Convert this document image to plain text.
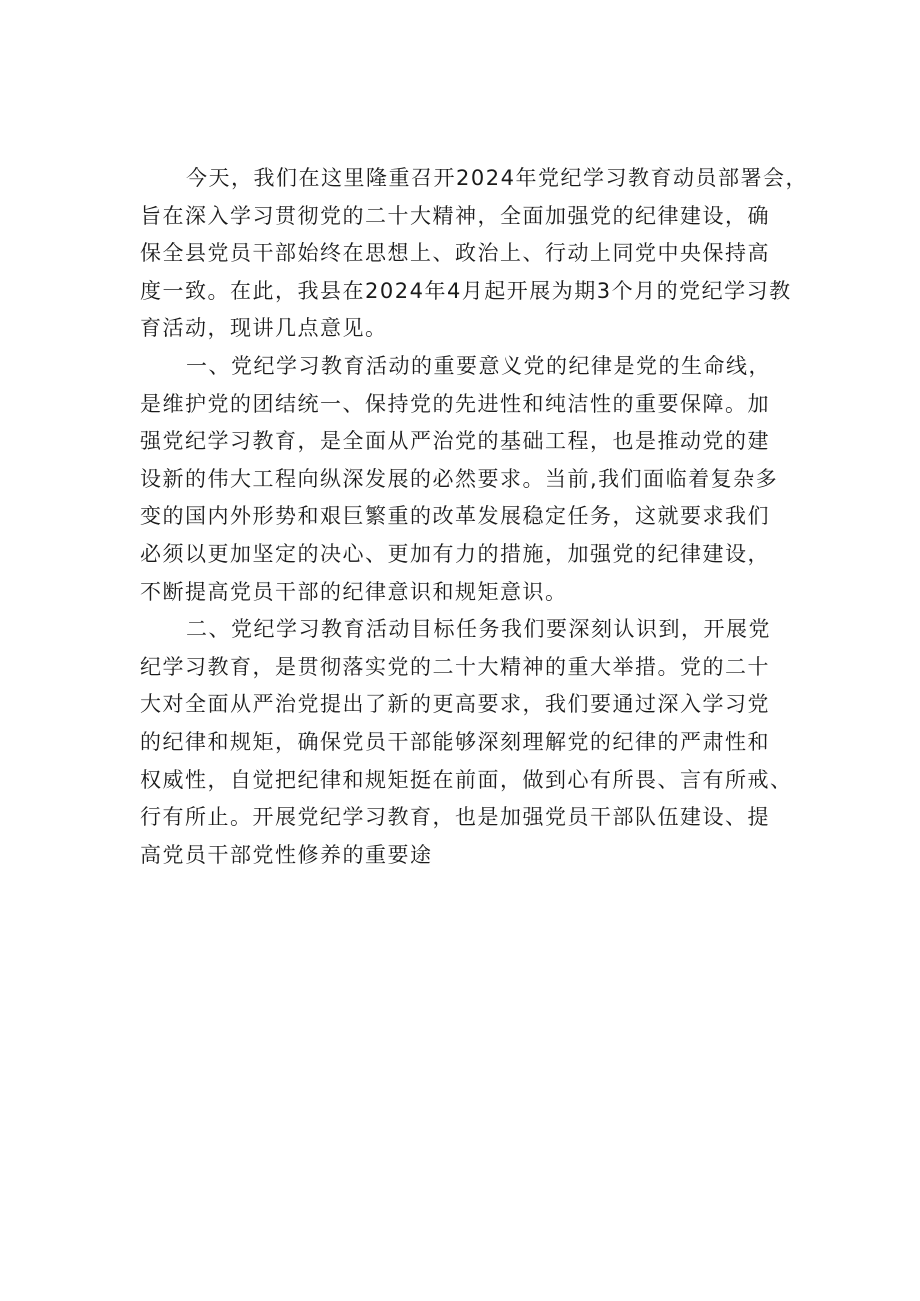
今天，我们在这里隆重召开2024年党纪学习教育动员部署会，
旨在深入学习贯彻党的二十大精神，全面加强党的纪律建设，确
保全县党员干部始终在思想上、政治上、行动上同党中央保持高
度一致。在此，我县在2024年4月起开展为期3个月的党纪学习教
育活动，现讲几点意见。
一、党纪学习教育活动的重要意义党的纪律是党的生命线，
是维护党的团结统一、保持党的先进性和纯洁性的重要保障。加
强党纪学习教育，是全面从严治党的基础工程，也是推动党的建
设新的伟大工程向纵深发展的必然要求。当前,我们面临着复杂多
变的国内外形势和艰巨繁重的改革发展稳定任务，这就要求我们
必须以更加坚定的决心、更加有力的措施，加强党的纪律建设，
不断提高党员干部的纪律意识和规矩意识。
二、党纪学习教育活动目标任务我们要深刻认识到，开展党
纪学习教育，是贯彻落实党的二十大精神的重大举措。党的二十
大对全面从严治党提出了新的更高要求，我们要通过深入学习党
的纪律和规矩，确保党员干部能够深刻理解党的纪律的严肃性和
权威性，自觉把纪律和规矩挺在前面，做到心有所畏、言有所戒、
行有所止。开展党纪学习教育，也是加强党员干部队伍建设、提
高党员干部党性修养的重要途
